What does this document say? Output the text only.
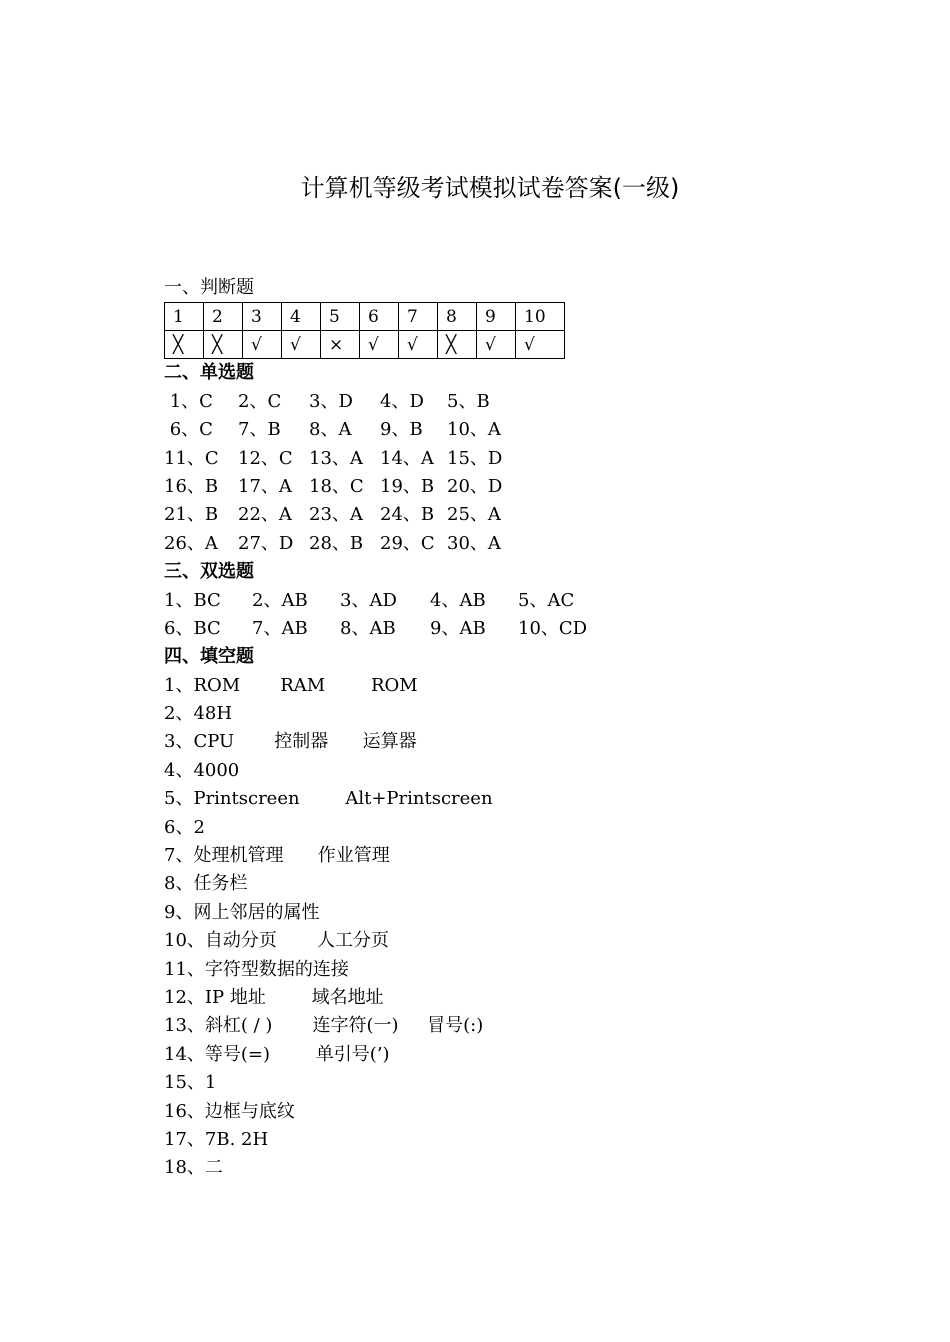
计算机等级考试模拟试卷答案(一级)
一、判断题
1	2	3	4	5	6	7	8	9	10
╳	╳	√	√	×	√	√	╳	√	√
二、单选题
1、C	2、C	3、D	4、D	5、B
6、C	7、B	8、A	9、B	10、A
11、C	12、C 13、A 14、A 15、D
16、B	17、A 18、C 19、B 20、D
21、B	22、A 23、A 24、B 25、A
26、A	27、D 28、B 29、C 30、A
三、双选题
1、BC	2、AB	3、AD	4、AB	5、AC
6、BC	7、AB	8、AB	9、AB	10、CD
四、填空题
1、ROM       RAM        ROM
2、48H
3、CPU       控制器      运算器
4、4000
5、Printscreen        Alt+Printscreen
6、2
7、处理机管理      作业管理
8、任务栏
9、网上邻居的属性
10、自动分页       人工分页
11、字符型数据的连接
12、IP 地址        域名地址
13、斜杠( / )       连字符(一)     冒号(:)
14、等号(=)        单引号(’)
15、1
16、边框与底纹
17、7B. 2H
18、二
